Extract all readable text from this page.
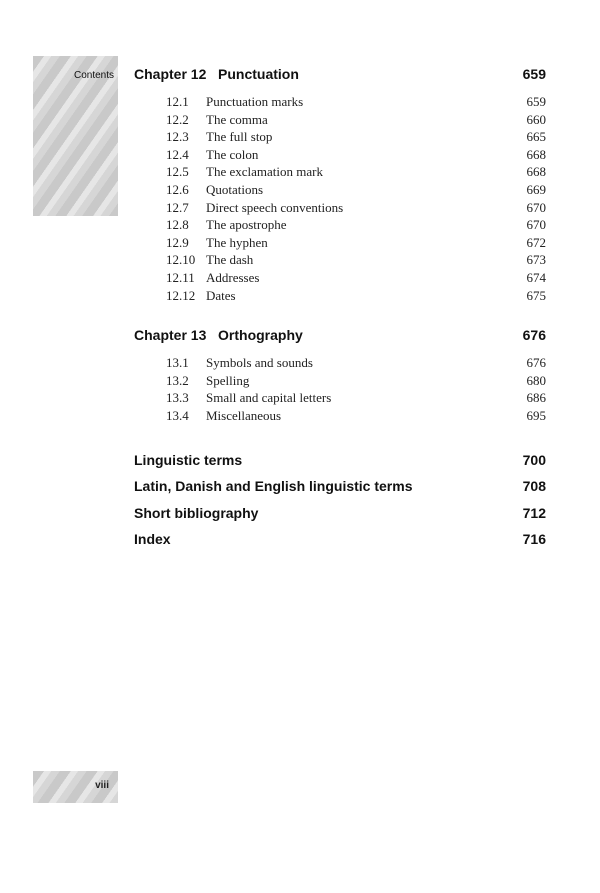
Contents
viii
Chapter 12 Punctuation	659
12.1	Punctuation marks	659
12.2	The comma	660
12.3	The full stop	665
12.4	The colon	668
12.5	The exclamation mark	668
12.6	Quotations	669
12.7	Direct speech conventions	670
12.8	The apostrophe	670
12.9	The hyphen	672
12.10 The dash	673
12.11 Addresses	674
12.12 Dates	675
Chapter 13 Orthography	676
13.1	Symbols and sounds	676
13.2	Spelling	680
13.3	Small and capital letters	686
13.4	Miscellaneous	695
Linguistic terms	700
Latin, Danish and English linguistic terms	708
Short bibliography	712
Index	716
